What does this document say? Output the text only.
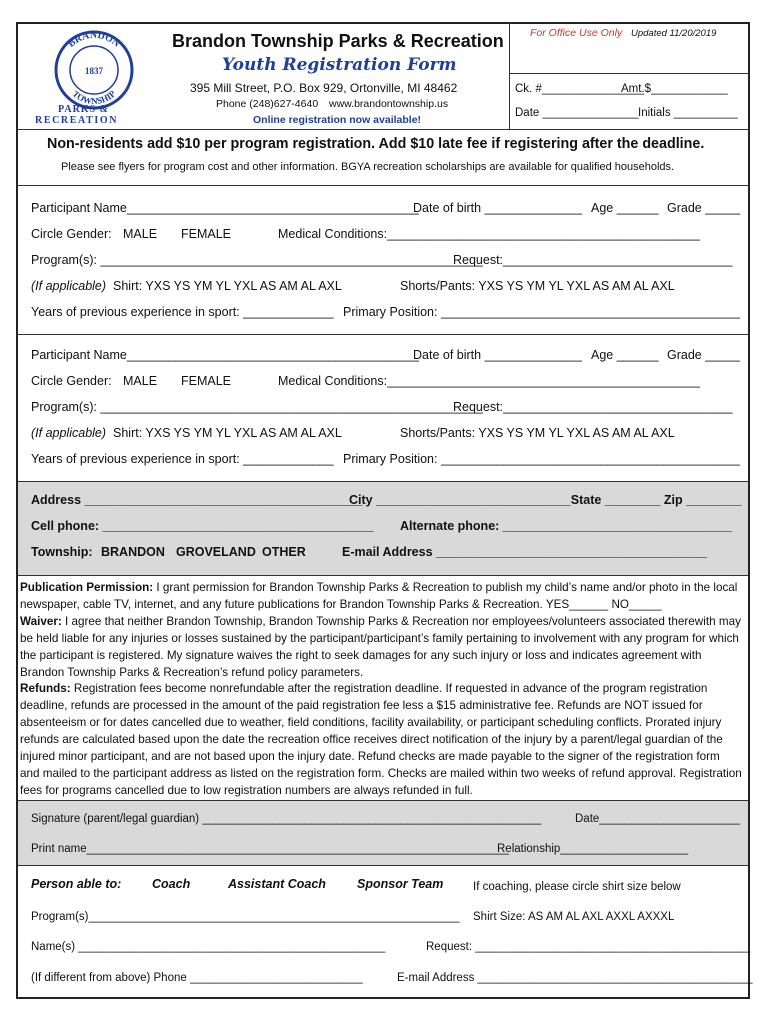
BRANDON
TOWNSHIP
1837
PARKS &
RECREATION
Brandon Township Parks & Recreation
Youth Registration Form
395 Mill Street, P.O. Box 929, Ortonville, MI 48462
Phone (248)627-4640 www.brandontownship.us
Online registration now available!
For Office Use Only Updated 11/20/2019
Ck. #________________
Amt.$____________
Date _______________ Initials __________
Non-residents add $10 per program registration. Add $10 late fee if registering after the deadline.
Please see flyers for program cost and other information. BGYA recreation scholarships are available for qualified households.
Participant Name__________________________________________
Date of birth ______________ Age ______ Grade _____
Circle Gender: MALE FEMALE	Medical Conditions:_____________________________________________
Program(s): _______________________________________________________
Request:_________________________________
(If applicable) Shirt: YXS YS YM YL YXL AS AM AL AXL	Shorts/Pants: YXS YS YM YL YXL AS AM AL AXL
Years of previous experience in sport: _____________ Primary Position: ___________________________________________
Participant Name__________________________________________
Date of birth ______________ Age ______ Grade _____
Circle Gender: MALE FEMALE	Medical Conditions:_____________________________________________
Program(s): _______________________________________________________
Request:_________________________________
(If applicable) Shirt: YXS YS YM YL YXL AS AM AL AXL	Shorts/Pants: YXS YS YM YL YXL AS AM AL AXL
Years of previous experience in sport: _____________ Primary Position: ___________________________________________
Address ________________________________________
City ____________________________State ________ Zip ________
Cell phone: _______________________________________ Alternate phone: _________________________________
Township: BRANDON GROVELAND OTHER	E-mail Address _______________________________________

Publication Permission: I grant permission for Brandon Township Parks & Recreation to publish my child’s name and/or photo in the local newspaper, cable TV, internet, and any future publications for Brandon Township Parks & Recreation. YES______ NO_____

Waiver: I agree that neither Brandon Township, Brandon Township Parks & Recreation nor employees/volunteers associated therewith may be held liable for any injuries or losses sustained by the participant/participant’s family pertaining to involvement with any program for which the participant is registered. My signature waives the right to seek damages for any such injury or loss and indicates agreement with Brandon Township Parks & Recreation’s refund policy parameters.

Refunds: Registration fees become nonrefundable after the registration deadline. If requested in advance of the program registration deadline, refunds are processed in the amount of the paid registration fee less a $15 administrative fee. Refunds are NOT issued for absenteeism or for dates cancelled due to weather, field conditions, facility availability, or participant scheduling conflicts. Prorated injury refunds are calculated based upon the date the recreation office receives direct notification of the injury by a parent/legal guardian of the injured minor participant, and are not based upon the injury date. Refund checks are made payable to the signer of the registration form and mailed to the participant address as listed on the registration form. Checks are mailed within two weeks of refund approval. Registration fees for programs cancelled due to low registration numbers are always refunded in full.

Signature (parent/legal guardian) _____________________________________________________	Date______________________
Print name__________________________________________________________________
Relationship____________________
Person able to: Coach	Assistant Coach Sponsor Team	If coaching, please circle shirt size below
Program(s)__________________________________________________________ Shirt Size: AS AM AL AXL AXXL AXXXL
Name(s) ________________________________________________	Request: ___________________________________________
(If different from above) Phone ___________________________	E-mail Address ___________________________________________
